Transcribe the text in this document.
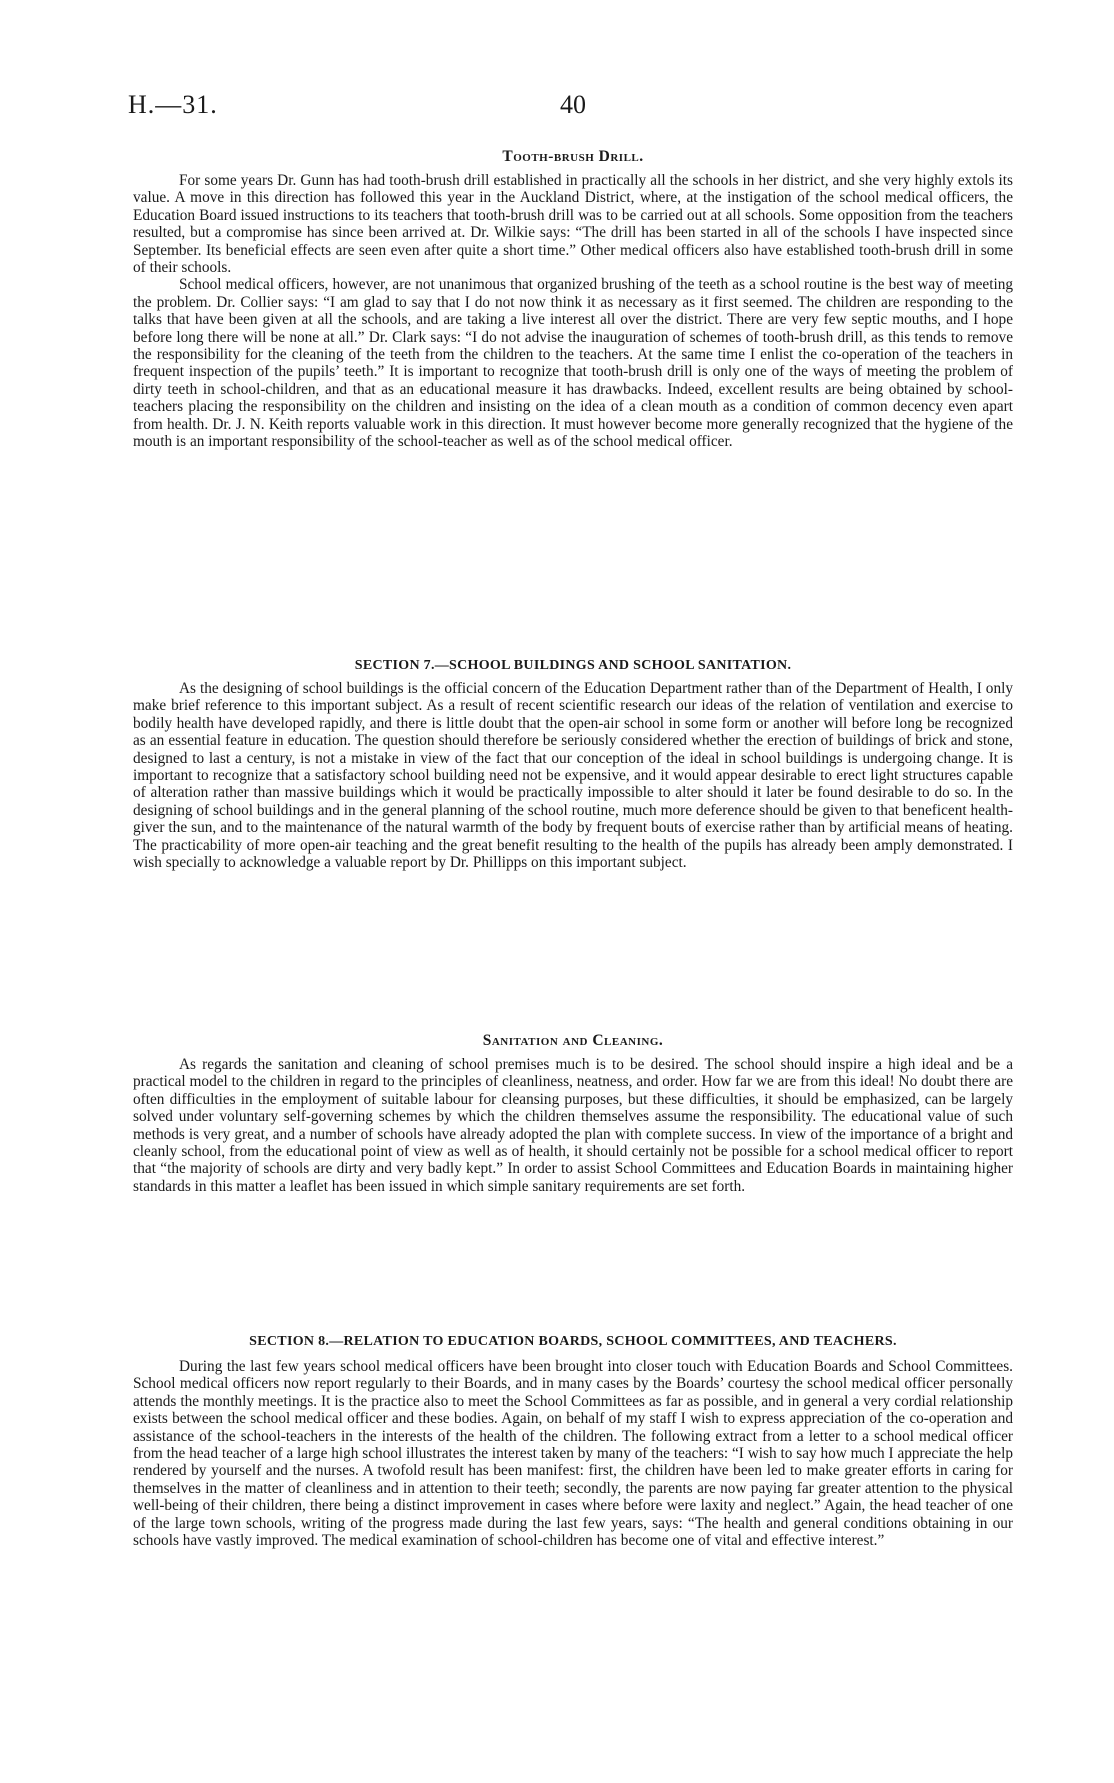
H.—31.	40
Tooth-brush Drill.

For some years Dr. Gunn has had tooth-brush drill established in practically all the schools in her district, and she very highly extols its value. A move in this direction has followed this year in the Auckland District, where, at the instigation of the school medical officers, the Education Board issued instructions to its teachers that tooth-brush drill was to be carried out at all schools. Some opposition from the teachers resulted, but a compromise has since been arrived at. Dr. Wilkie says: “The drill has been started in all of the schools I have inspected since September. Its beneficial effects are seen even after quite a short time.” Other medical officers also have established tooth-brush drill in some of their schools.

School medical officers, however, are not unanimous that organized brushing of the teeth as a school routine is the best way of meeting the problem. Dr. Collier says: “I am glad to say that I do not now think it as necessary as it first seemed. The children are responding to the talks that have been given at all the schools, and are taking a live interest all over the district. There are very few septic mouths, and I hope before long there will be none at all.” Dr. Clark says: “I do not advise the inauguration of schemes of tooth-brush drill, as this tends to remove the responsibility for the cleaning of the teeth from the children to the teachers. At the same time I enlist the co-operation of the teachers in frequent inspection of the pupils’ teeth.” It is important to recognize that tooth-brush drill is only one of the ways of meeting the problem of dirty teeth in school-children, and that as an educational measure it has drawbacks. Indeed, excellent results are being obtained by school-teachers placing the responsibility on the children and insisting on the idea of a clean mouth as a condition of common decency even apart from health. Dr. J. N. Keith reports valuable work in this direction. It must however become more generally recognized that the hygiene of the mouth is an important responsibility of the school-teacher as well as of the school medical officer.

SECTION 7.—SCHOOL BUILDINGS AND SCHOOL SANITATION.

As the designing of school buildings is the official concern of the Education Department rather than of the Department of Health, I only make brief reference to this important subject. As a result of recent scientific research our ideas of the relation of ventilation and exercise to bodily health have developed rapidly, and there is little doubt that the open-air school in some form or another will before long be recognized as an essential feature in education. The question should therefore be seriously considered whether the erection of buildings of brick and stone, designed to last a century, is not a mistake in view of the fact that our conception of the ideal in school buildings is undergoing change. It is important to recognize that a satisfactory school building need not be expensive, and it would appear desirable to erect light structures capable of alteration rather than massive buildings which it would be practically impossible to alter should it later be found desirable to do so. In the designing of school buildings and in the general planning of the school routine, much more deference should be given to that beneficent health-giver the sun, and to the maintenance of the natural warmth of the body by frequent bouts of exercise rather than by artificial means of heating. The practicability of more open-air teaching and the great benefit resulting to the health of the pupils has already been amply demonstrated. I wish specially to acknowledge a valuable report by Dr. Phillipps on this important subject.

Sanitation and Cleaning.

As regards the sanitation and cleaning of school premises much is to be desired. The school should inspire a high ideal and be a practical model to the children in regard to the principles of cleanliness, neatness, and order. How far we are from this ideal! No doubt there are often difficulties in the employment of suitable labour for cleansing purposes, but these difficulties, it should be emphasized, can be largely solved under voluntary self-governing schemes by which the children themselves assume the responsibility. The educational value of such methods is very great, and a number of schools have already adopted the plan with complete success. In view of the importance of a bright and cleanly school, from the educational point of view as well as of health, it should certainly not be possible for a school medical officer to report that “the majority of schools are dirty and very badly kept.” In order to assist School Committees and Education Boards in maintaining higher standards in this matter a leaflet has been issued in which simple sanitary requirements are set forth.

SECTION 8.—RELATION TO EDUCATION BOARDS, SCHOOL COMMITTEES, AND TEACHERS.

During the last few years school medical officers have been brought into closer touch with Education Boards and School Committees. School medical officers now report regularly to their Boards, and in many cases by the Boards’ courtesy the school medical officer personally attends the monthly meetings. It is the practice also to meet the School Committees as far as possible, and in general a very cordial relationship exists between the school medical officer and these bodies. Again, on behalf of my staff I wish to express appreciation of the co-operation and assistance of the school-teachers in the interests of the health of the children. The following extract from a letter to a school medical officer from the head teacher of a large high school illustrates the interest taken by many of the teachers: “I wish to say how much I appreciate the help rendered by yourself and the nurses. A twofold result has been manifest: first, the children have been led to make greater efforts in caring for themselves in the matter of cleanliness and in attention to their teeth; secondly, the parents are now paying far greater attention to the physical well-being of their children, there being a distinct improvement in cases where before were laxity and neglect.” Again, the head teacher of one of the large town schools, writing of the progress made during the last few years, says: “The health and general conditions obtaining in our schools have vastly improved. The medical examination of school-children has become one of vital and effective interest.”
